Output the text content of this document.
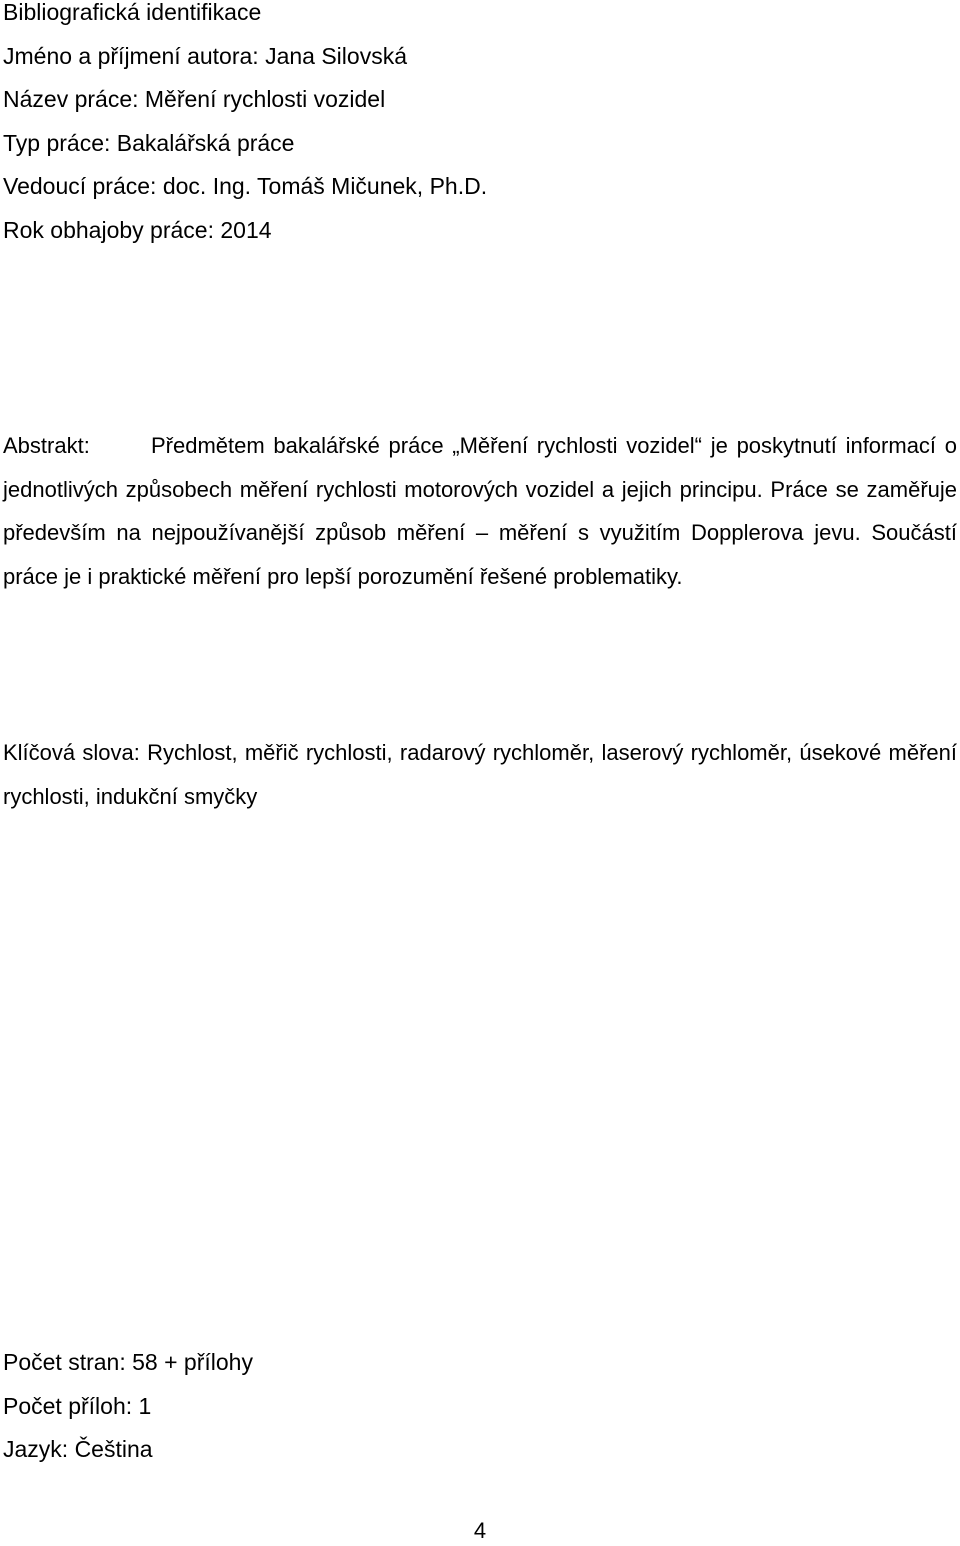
Bibliografická identifikace
Jméno a příjmení autora: Jana Silovská
Název práce: Měření rychlosti vozidel
Typ práce: Bakalářská práce
Vedoucí práce: doc. Ing. Tomáš Mičunek, Ph.D.
Rok obhajoby práce: 2014
Abstrakt:	Předmětem bakalářské práce „Měření rychlosti vozidel“ je poskytnutí informací o jednotlivých způsobech měření rychlosti motorových vozidel a jejich principu. Práce se zaměřuje především na nejpoužívanější způsob měření – měření s využitím Dopplerova jevu. Součástí práce je i praktické měření pro lepší porozumění řešené problematiky.
Klíčová slova: Rychlost, měřič rychlosti, radarový rychloměr, laserový rychloměr, úsekové měření rychlosti, indukční smyčky
Počet stran: 58 + přílohy
Počet příloh: 1
Jazyk: Čeština
4
